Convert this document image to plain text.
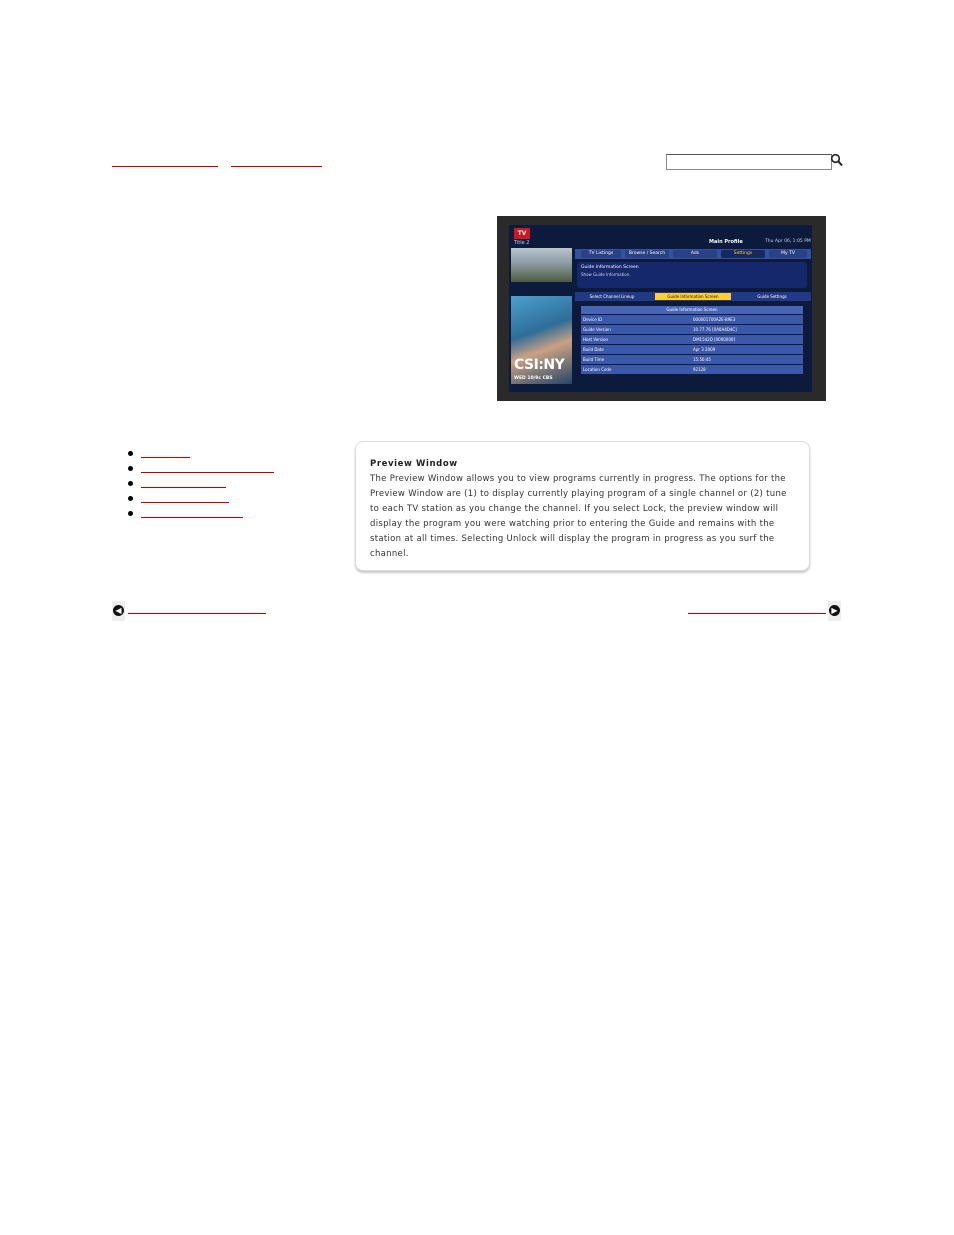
TV
Title 2	Main Profile	Thu Apr 06, 1:05 PM
CSI:NY
WED 10/9c CBS
TV Listings	Browse / Search	Ads	Settings	My TV
Guide Information Screen
Show Guide Information.
Select Channel Lineup	Guide Information Screen	Guide Settings
Guide Information Screen
Device ID	000001700A2E-B9E3
Guide Version	10.77.76 [0A0A4D4C]
Host Version	DM1542D [0000000]
Build Date	Apr 3 2009
Build Time	15:56:45
Location Code	92128
Preview Window
The Preview Window allows you to view programs currently in progress. The options for the Preview Window are (1) to display currently playing program of a single channel or (2) tune to each TV station as you change the channel. If you select Lock, the preview window will display the program you were watching prior to entering the Guide and remains with the station at all times. Selecting Unlock will display the program in progress as you surf the channel.
◀	▶
